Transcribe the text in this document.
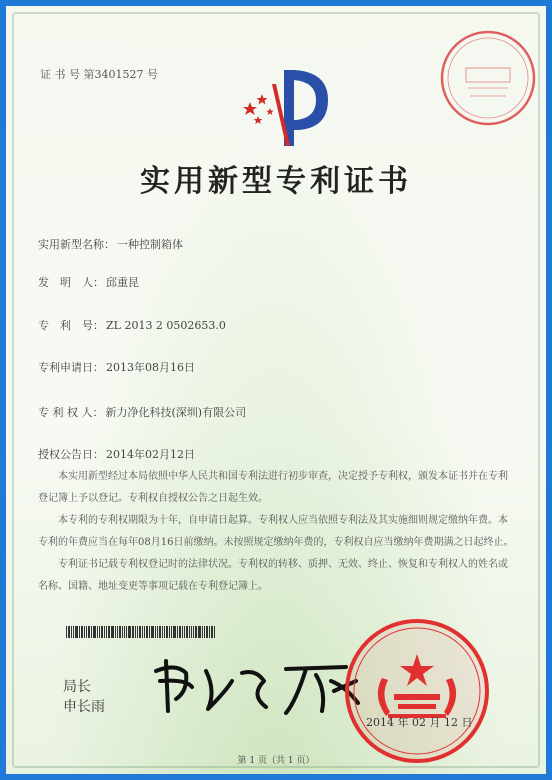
证 书 号 第3401527 号
实用新型专利证书
实用新型名称： 一种控制箱体
发　明　人： 邱重昆
专　利　号： ZL 2013 2 0502653.0
专利申请日： 2013年08月16日
专 利 权 人： 新力净化科技(深圳)有限公司
授权公告日： 2014年02月12日
本实用新型经过本局依照中华人民共和国专利法进行初步审查，决定授予专利权，颁发本证书并在专利登记簿上予以登记。专利权自授权公告之日起生效。
本专利的专利权期限为十年，自申请日起算。专利权人应当依照专利法及其实施细则规定缴纳年费。本专利的年费应当在每年08月16日前缴纳。未按照规定缴纳年费的，专利权自应当缴纳年费期满之日起终止。
专利证书记载专利权登记时的法律状况。专利权的转移、质押、无效、终止、恢复和专利权人的姓名或名称、国籍、地址变更等事项记载在专利登记簿上。
局长
申长雨
2014 年 02 月 12 日
第 1 页（共 1 页）
